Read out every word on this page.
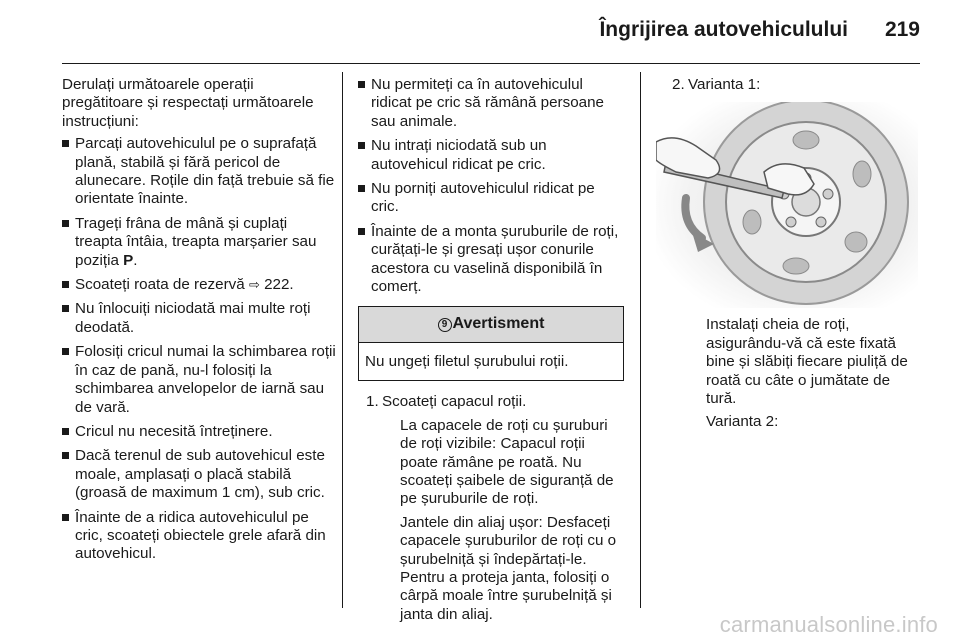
Îngrijirea autovehiculului 219

Derulați următoarele operații pregătitoare și respectați următoarele instrucțiuni:

Parcați autovehiculul pe o suprafață plană, stabilă și fără pericol de alunecare. Roțile din față trebuie să fie orientate înainte.
Trageți frâna de mână și cuplați treapta întâia, treapta marșarier sau poziția P.
Scoateți roata de rezervă ⇨ 222.
Nu înlocuiți niciodată mai multe roți deodată.
Folosiți cricul numai la schimbarea roții în caz de pană, nu-l folosiți la schimbarea anvelopelor de iarnă sau de vară.
Cricul nu necesită întreținere.
Dacă terenul de sub autovehicul este moale, amplasați o placă stabilă (groasă de maximum 1 cm), sub cric.
Înainte de a ridica autovehiculul pe cric, scoateți obiectele grele afară din autovehicul.
Nu permiteți ca în autovehiculul ridicat pe cric să rămână persoane sau animale.
Nu intrați niciodată sub un autovehicul ridicat pe cric.
Nu porniți autovehiculul ridicat pe cric.
Înainte de a monta șuruburile de roți, curățați-le și gresați ușor conurile acestora cu vaselină disponibilă în comerț.
9 Avertisment
Nu ungeți filetul șurubului roții.
1. Scoateți capacul roții.

La capacele de roți cu șuruburi de roți vizibile: Capacul roții poate rămâne pe roată. Nu scoateți șaibele de siguranță de pe șuruburile de roți.

Jantele din aliaj ușor: Desfaceți capacele șuruburilor de roți cu o șurubelniță și îndepărtați-le. Pentru a proteja janta, folosiți o cârpă moale între șurubelniță și janta din aliaj.

2. Varianta 1:

Instalați cheia de roți, asigurându-vă că este fixată bine și slăbiți fiecare piuliță de roată cu câte o jumătate de tură.

Varianta 2:

carmanualsonline.info
